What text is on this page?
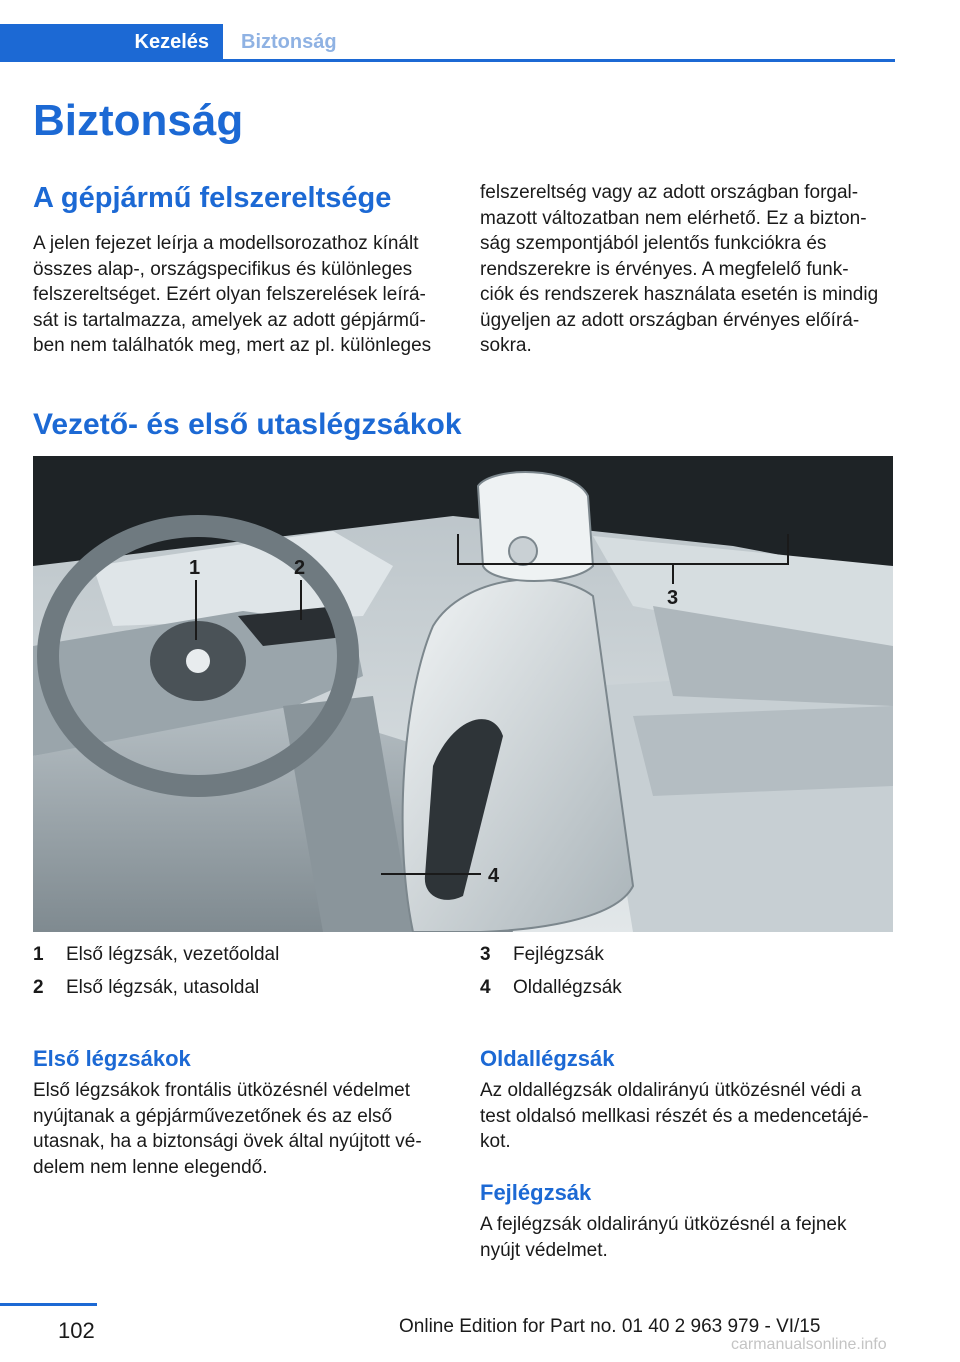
Kezelés	Biztonság
Biztonság
A gépjármű felszereltsége
A jelen fejezet leírja a modellsorozathoz kínált
összes alap-, országspecifikus és különleges
felszereltséget. Ezért olyan felszerelések leírá-
sát is tartalmazza, amelyek az adott gépjármű-
ben nem találhatók meg, mert az pl. különleges
felszereltség vagy az adott országban forgal-
mazott változatban nem elérhető. Ez a bizton-
ság szempontjából jelentős funkciókra és
rendszerekre is érvényes. A megfelelő funk-
ciók és rendszerek használata esetén is mindig
ügyeljen az adott országban érvényes előírá-
sokra.
Vezető- és első utaslégzsákok
1	2
3
4
1 Első légzsák, vezetőoldal
2 Első légzsák, utasoldal
3 Fejlégzsák
4 Oldallégzsák
Első légzsákok
Első légzsákok frontális ütközésnél védelmet
nyújtanak a gépjárművezetőnek és az első
utasnak, ha a biztonsági övek által nyújtott vé-
delem nem lenne elegendő.
Oldallégzsák
Az oldallégzsák oldalirányú ütközésnél védi a
test oldalsó mellkasi részét és a medencetájé-
kot.
Fejlégzsák
A fejlégzsák oldalirányú ütközésnél a fejnek
nyújt védelmet.
102	Online Edition for Part no. 01 40 2 963 979 - VI/15
carmanualsonline.info
